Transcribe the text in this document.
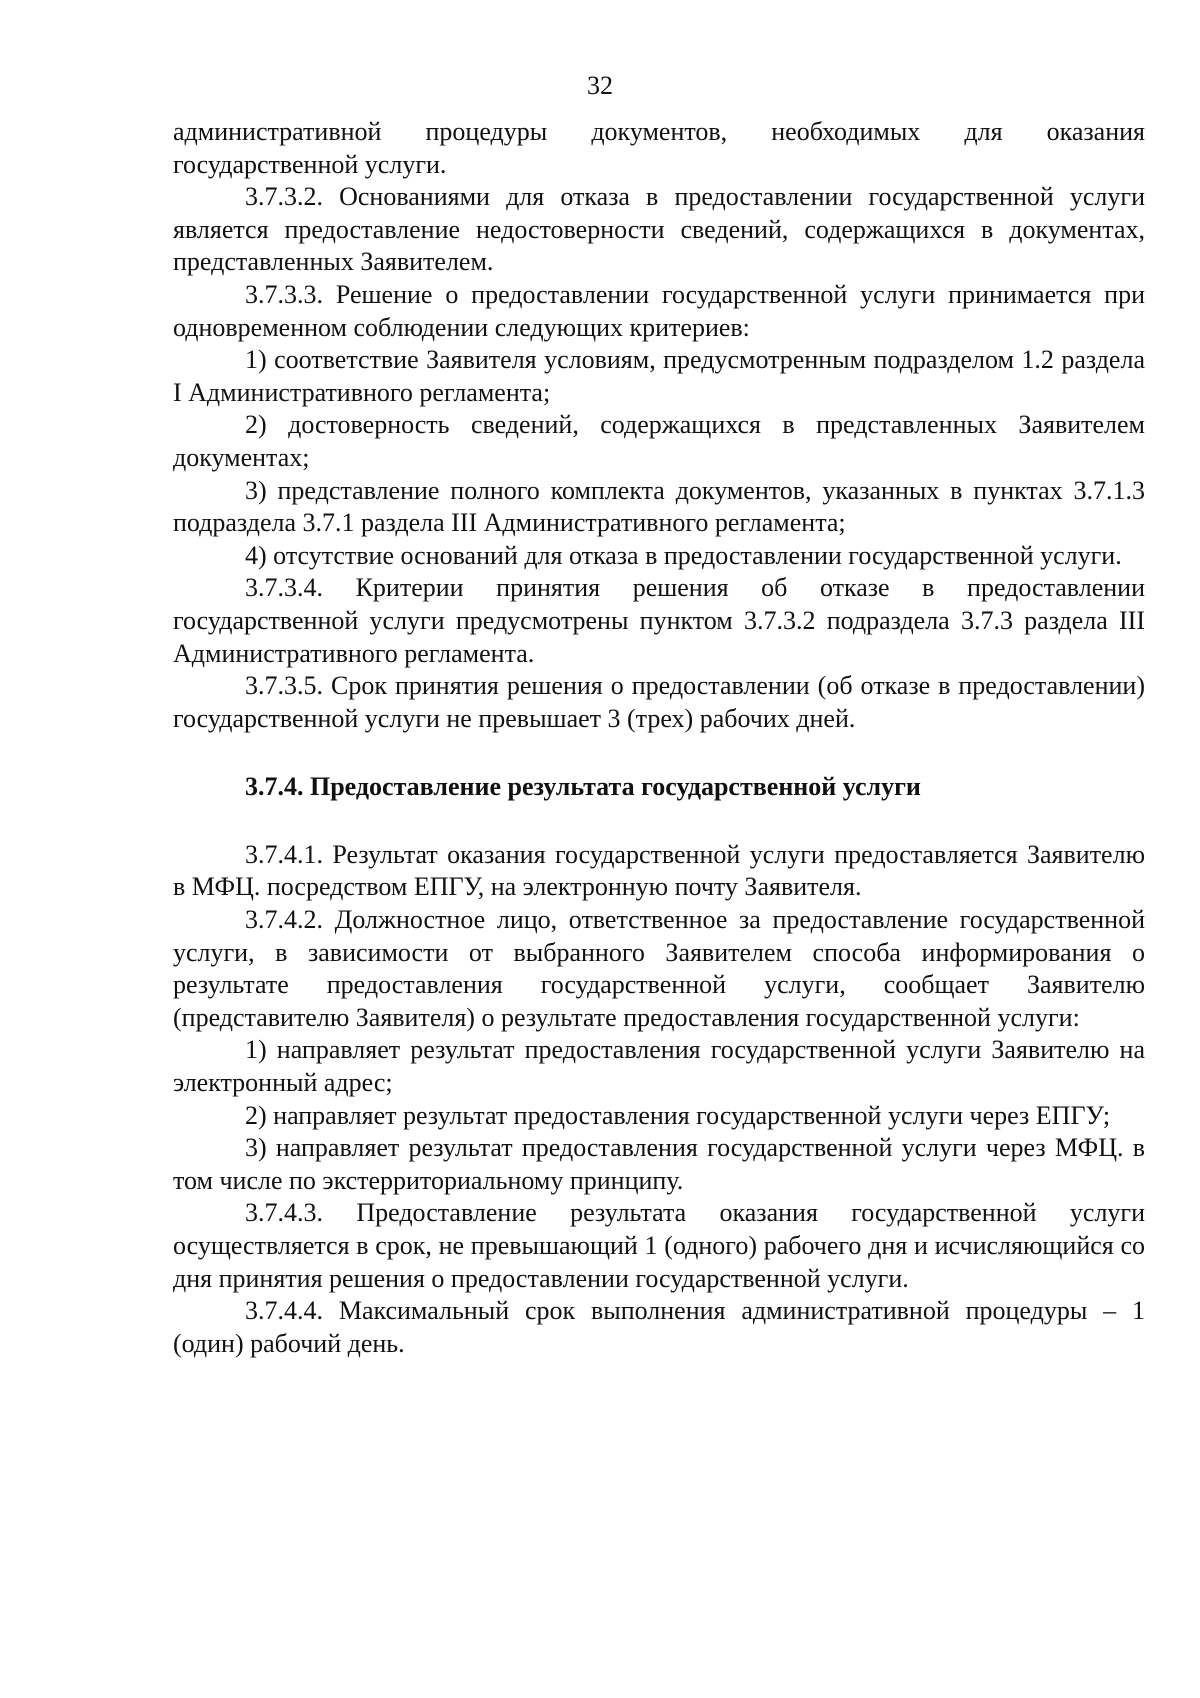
32

административной процедуры документов, необходимых для оказания государственной услуги.

3.7.3.2. Основаниями для отказа в предоставлении государственной услуги является предоставление недостоверности сведений, содержащихся в документах, представленных Заявителем.

3.7.3.3. Решение о предоставлении государственной услуги принимается при одновременном соблюдении следующих критериев:

1) соответствие Заявителя условиям, предусмотренным подразделом 1.2 раздела I Административного регламента;

2) достоверность сведений, содержащихся в представленных Заявителем документах;

3) представление полного комплекта документов, указанных в пунктах 3.7.1.3 подраздела 3.7.1 раздела III Административного регламента;

4) отсутствие оснований для отказа в предоставлении государственной услуги.

3.7.3.4. Критерии принятия решения об отказе в предоставлении государственной услуги предусмотрены пунктом 3.7.3.2 подраздела 3.7.3 раздела III Административного регламента.

3.7.3.5. Срок принятия решения о предоставлении (об отказе в предоставлении) государственной услуги не превышает 3 (трех) рабочих дней.

3.7.4. Предоставление результата государственной услуги

3.7.4.1. Результат оказания государственной услуги предоставляется Заявителю в МФЦ. посредством ЕПГУ, на электронную почту Заявителя.

3.7.4.2. Должностное лицо, ответственное за предоставление государственной услуги, в зависимости от выбранного Заявителем способа информирования о результате предоставления государственной услуги, сообщает Заявителю (представителю Заявителя) о результате предоставления государственной услуги:

1) направляет результат предоставления государственной услуги Заявителю на электронный адрес;

2) направляет результат предоставления государственной услуги через ЕПГУ;

3) направляет результат предоставления государственной услуги через МФЦ. в том числе по экстерриториальному принципу.

3.7.4.3. Предоставление результата оказания государственной услуги осуществляется в срок, не превышающий 1 (одного) рабочего дня и исчисляющийся со дня принятия решения о предоставлении государственной услуги.

3.7.4.4. Максимальный срок выполнения административной процедуры – 1 (один) рабочий день.
